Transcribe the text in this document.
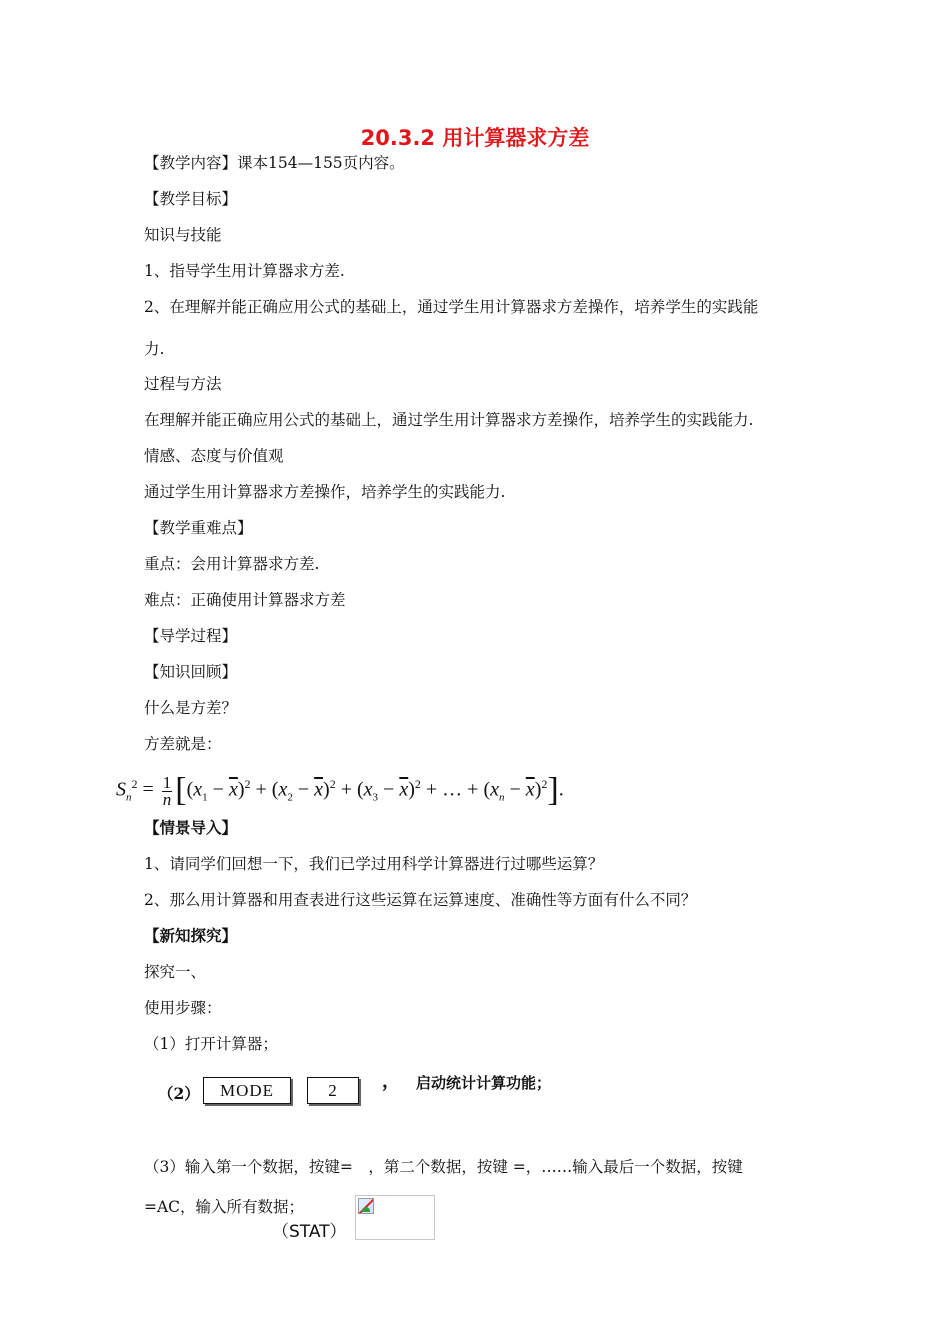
20.3.2 用计算器求方差
【教学内容】课本154—155页内容。
【教学目标】
知识与技能
1、指导学生用计算器求方差.
2、在理解并能正确应用公式的基础上，通过学生用计算器求方差操作，培养学生的实践能
力.
过程与方法
在理解并能正确应用公式的基础上，通过学生用计算器求方差操作，培养学生的实践能力.
情感、态度与价值观
通过学生用计算器求方差操作，培养学生的实践能力.
【教学重难点】
重点：会用计算器求方差.
难点：正确使用计算器求方差
【导学过程】
【知识回顾】
什么是方差？
方差就是：
$S_n^2 = \frac{1}{n} [(x_1 - \overline{x})^2 + (x_2 - \overline{x})^2 + (x_3 - \overline{x})^2$ + … + $(x_n - \overline{x})^2$].
【情景导入】
1、请同学们回想一下，我们已学过用科学计算器进行过哪些运算？
2、那么用计算器和用查表进行这些运算在运算速度、准确性等方面有什么不同？
【新知探究】
探究一、
使用步骤：
（1）打开计算器；
（2）	MODE	2	， 启动统计计算功能；
（3）输入第一个数据，按键=　，第二个数据，按键 =，……输入最后一个数据，按键
=AC，输入所有数据；
（STAT）
